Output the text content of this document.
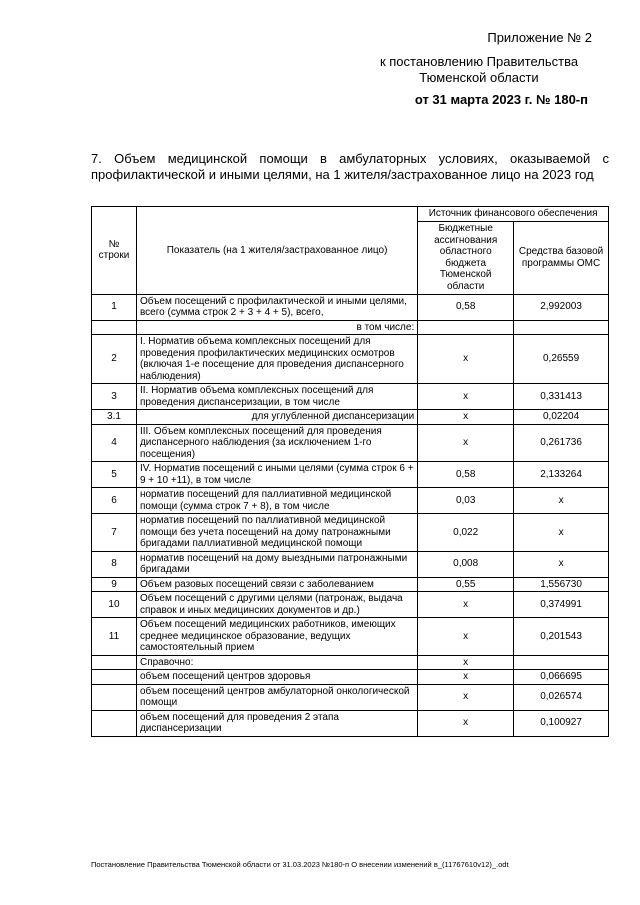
Приложение № 2
к постановлению Правительства Тюменской области
от 31 марта 2023 г. № 180-п
7. Объем медицинской помощи в амбулаторных условиях, оказываемой с профилактической и иными целями, на 1 жителя/застрахованное лицо на 2023 год
№ строки	Показатель (на 1 жителя/застрахованное лицо)	Источник финансового обеспечения	
		Бюджетные ассигнования областного бюджета Тюменской области	Средства базовой программы ОМС
1	Объем посещений с профилактической и иными целями, всего (сумма строк 2 + 3 + 4 + 5), всего,	0,58	2,992003
	в том числе:		
2	I. Норматив объема комплексных посещений для проведения профилактических медицинских осмотров (включая 1-е посещение для проведения диспансерного наблюдения)	х	0,26559
3	II. Норматив объема комплексных посещений для проведения диспансеризации, в том числе	х	0,331413
3.1	для углубленной диспансеризации	х	0,02204
4	III. Объем комплексных посещений для проведения диспансерного наблюдения (за исключением 1-го посещения)	х	0,261736
5	IV. Норматив посещений с иными целями (сумма строк 6 + 9 + 10 +11), в том числе	0,58	2,133264
6	норматив посещений для паллиативной медицинской помощи (сумма строк 7 + 8), в том числе	0,03	х
7	норматив посещений по паллиативной медицинской помощи без учета посещений на дому патронажными бригадами паллиативной медицинской помощи	0,022	х
8	норматив посещений на дому выездными патронажными бригадами	0,008	х
9	Объем разовых посещений связи с заболеванием	0,55	1,556730
10	Объем посещений с другими целями (патронаж, выдача справок и иных медицинских документов и др.)	х	0,374991
11	Объем посещений медицинских работников, имеющих среднее медицинское образование, ведущих самостоятельный прием	х	0,201543
	Справочно:	х	
	объем посещений центров здоровья	х	0,066695
	объем посещений центров амбулаторной онкологической помощи	х	0,026574
	объем посещений для проведения 2 этапа диспансеризации	х	0,100927
Постановление Правительства Тюменской области от 31.03.2023 №180-п О внесении изменений в_(11767610v12)_.odt
